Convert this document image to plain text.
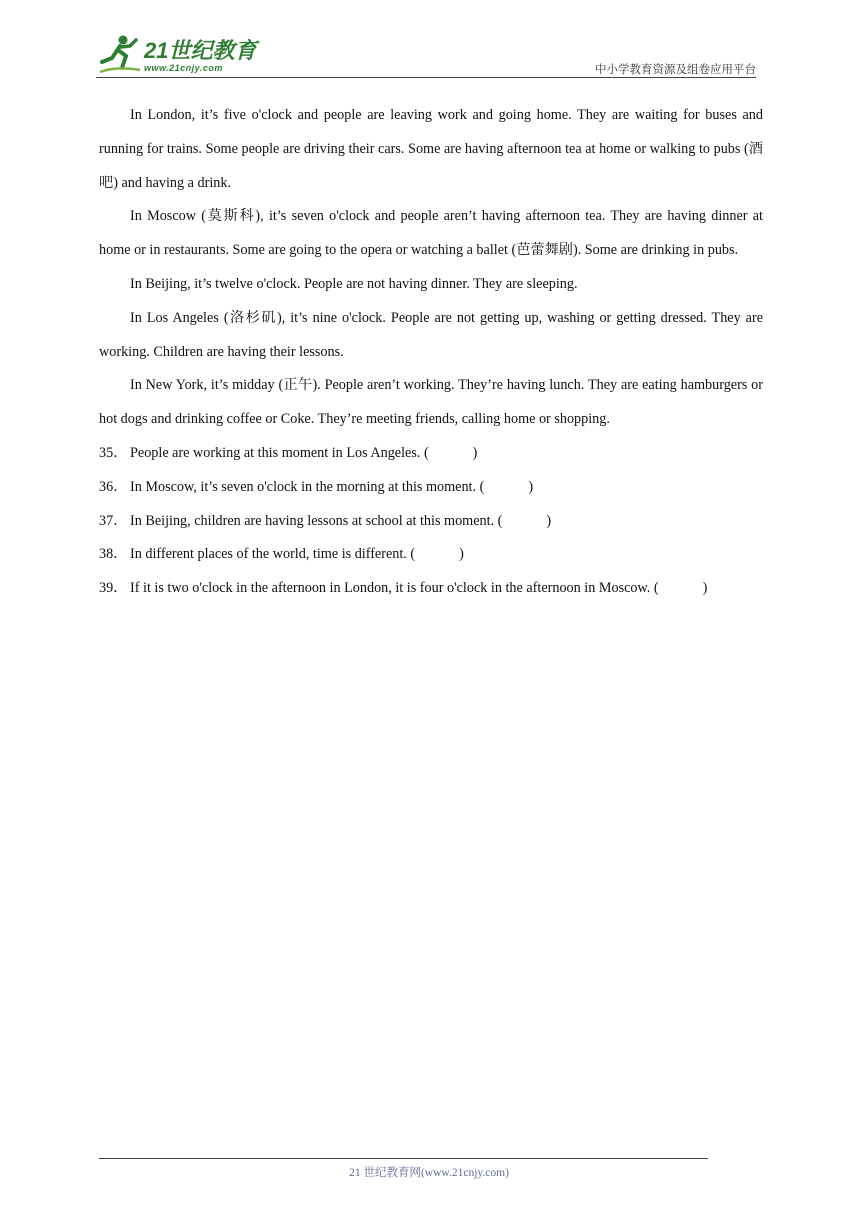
21世纪教育
www.21cnjy.com	中小学教育资源及组卷应用平台

In London, it’s five o'clock and people are leaving work and going home. They are waiting for buses and running for trains. Some people are driving their cars. Some are having afternoon tea at home or walking to pubs (酒吧) and having a drink.

In Moscow (莫斯科), it’s seven o'clock and people aren’t having afternoon tea. They are having dinner at home or in restaurants. Some are going to the opera or watching a ballet (芭蕾舞剧). Some are drinking in pubs.

In Beijing, it’s twelve o'clock. People are not having dinner. They are sleeping.

In Los Angeles (洛杉矶), it’s nine o'clock. People are not getting up, washing or getting dressed. They are working. Children are having their lessons.

In New York, it’s midday (正午). People aren’t working. They’re having lunch. They are eating hamburgers or hot dogs and drinking coffee or Coke. They’re meeting friends, calling home or shopping.

35． People are working at this moment in Los Angeles. (	)

36． In Moscow, it’s seven o'clock in the morning at this moment. (	)

37． In Beijing, children are having lessons at school at this moment. (	)

38． In different places of the world, time is different. (	)

39． If it is two o'clock in the afternoon in London, it is four o'clock in the afternoon in Moscow. (	)

21 世纪教育网(www.21cnjy.com)
